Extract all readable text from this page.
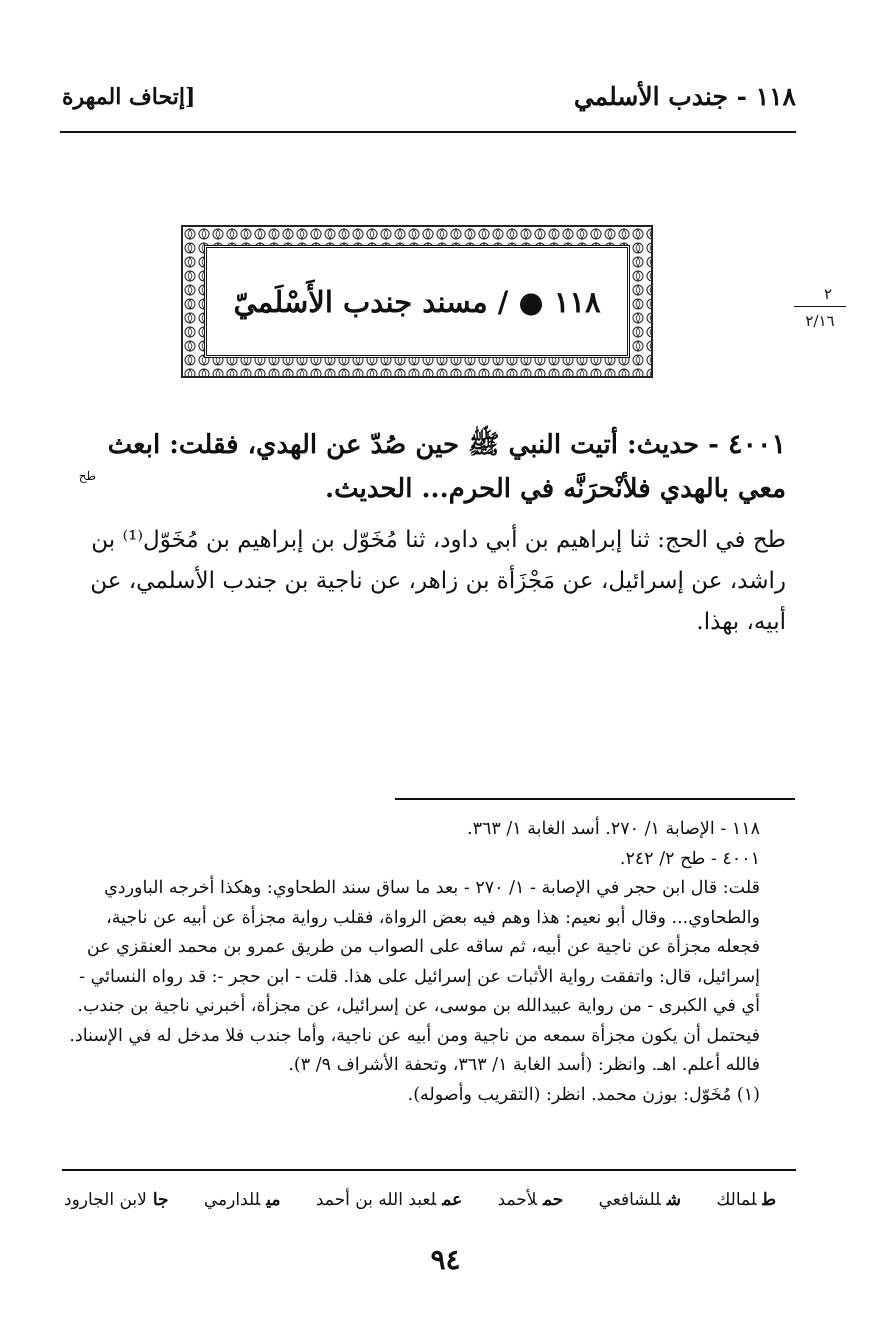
١١٨ - جندب الأسلمي
[إتحاف المهرة
١١٨ ● / مسند جندب الأَسْلَميّ	٢
٢/١٦
٤٠٠١ - حديث: أتيت النبي ﷺ حين صُدّ عن الهدي، فقلت: ابعث معي بالهدي فلأنْحرَنَّه في الحرم... الحديث.
طح
طح في الحج: ثنا إبراهيم بن أبي داود، ثنا مُخَوّل بن إبراهيم بن مُخَوّل⁽¹⁾ بن راشد، عن إسرائيل، عن مَجْزَأة بن زاهر، عن ناجية بن جندب الأسلمي، عن أبيه، بهذا.

١١٨ - الإصابة ١/ ٢٧٠. أسد الغابة ١/ ٣٦٣.

٤٠٠١ - طح ٢/ ٢٤٢.

قلت: قال ابن حجر في الإصابة - ١/ ٢٧٠ - بعد ما ساق سند الطحاوي: وهكذا أخرجه الباوردي والطحاوي... وقال أبو نعيم: هذا وهم فيه بعض الرواة، فقلب رواية مجزأة عن أبيه عن ناجية، فجعله مجزأة عن ناجية عن أبيه، ثم ساقه على الصواب من طريق عمرو بن محمد العنقزي عن إسرائيل، قال: واتفقت رواية الأثبات عن إسرائيل على هذا. قلت - ابن حجر -: قد رواه النسائي - أي في الكبرى - من رواية عبيدالله بن موسى، عن إسرائيل، عن مجزأة، أخبرني ناجية بن جندب. فيحتمل أن يكون مجزأة سمعه من ناجية ومن أبيه عن ناجية، وأما جندب فلا مدخل له في الإسناد. فالله أعلم. اهـ. وانظر: (أسد الغابة ١/ ٣٦٣، وتحفة الأشراف ٩/ ٣).

(١) مُخَوّل: بوزن محمد. انظر: (التقريب وأصوله).

طلمالك
شللشافعي
حملأحمد
عملعبد الله بن أحمد
ميللدارمي
جالابن الجارود
٩٤
